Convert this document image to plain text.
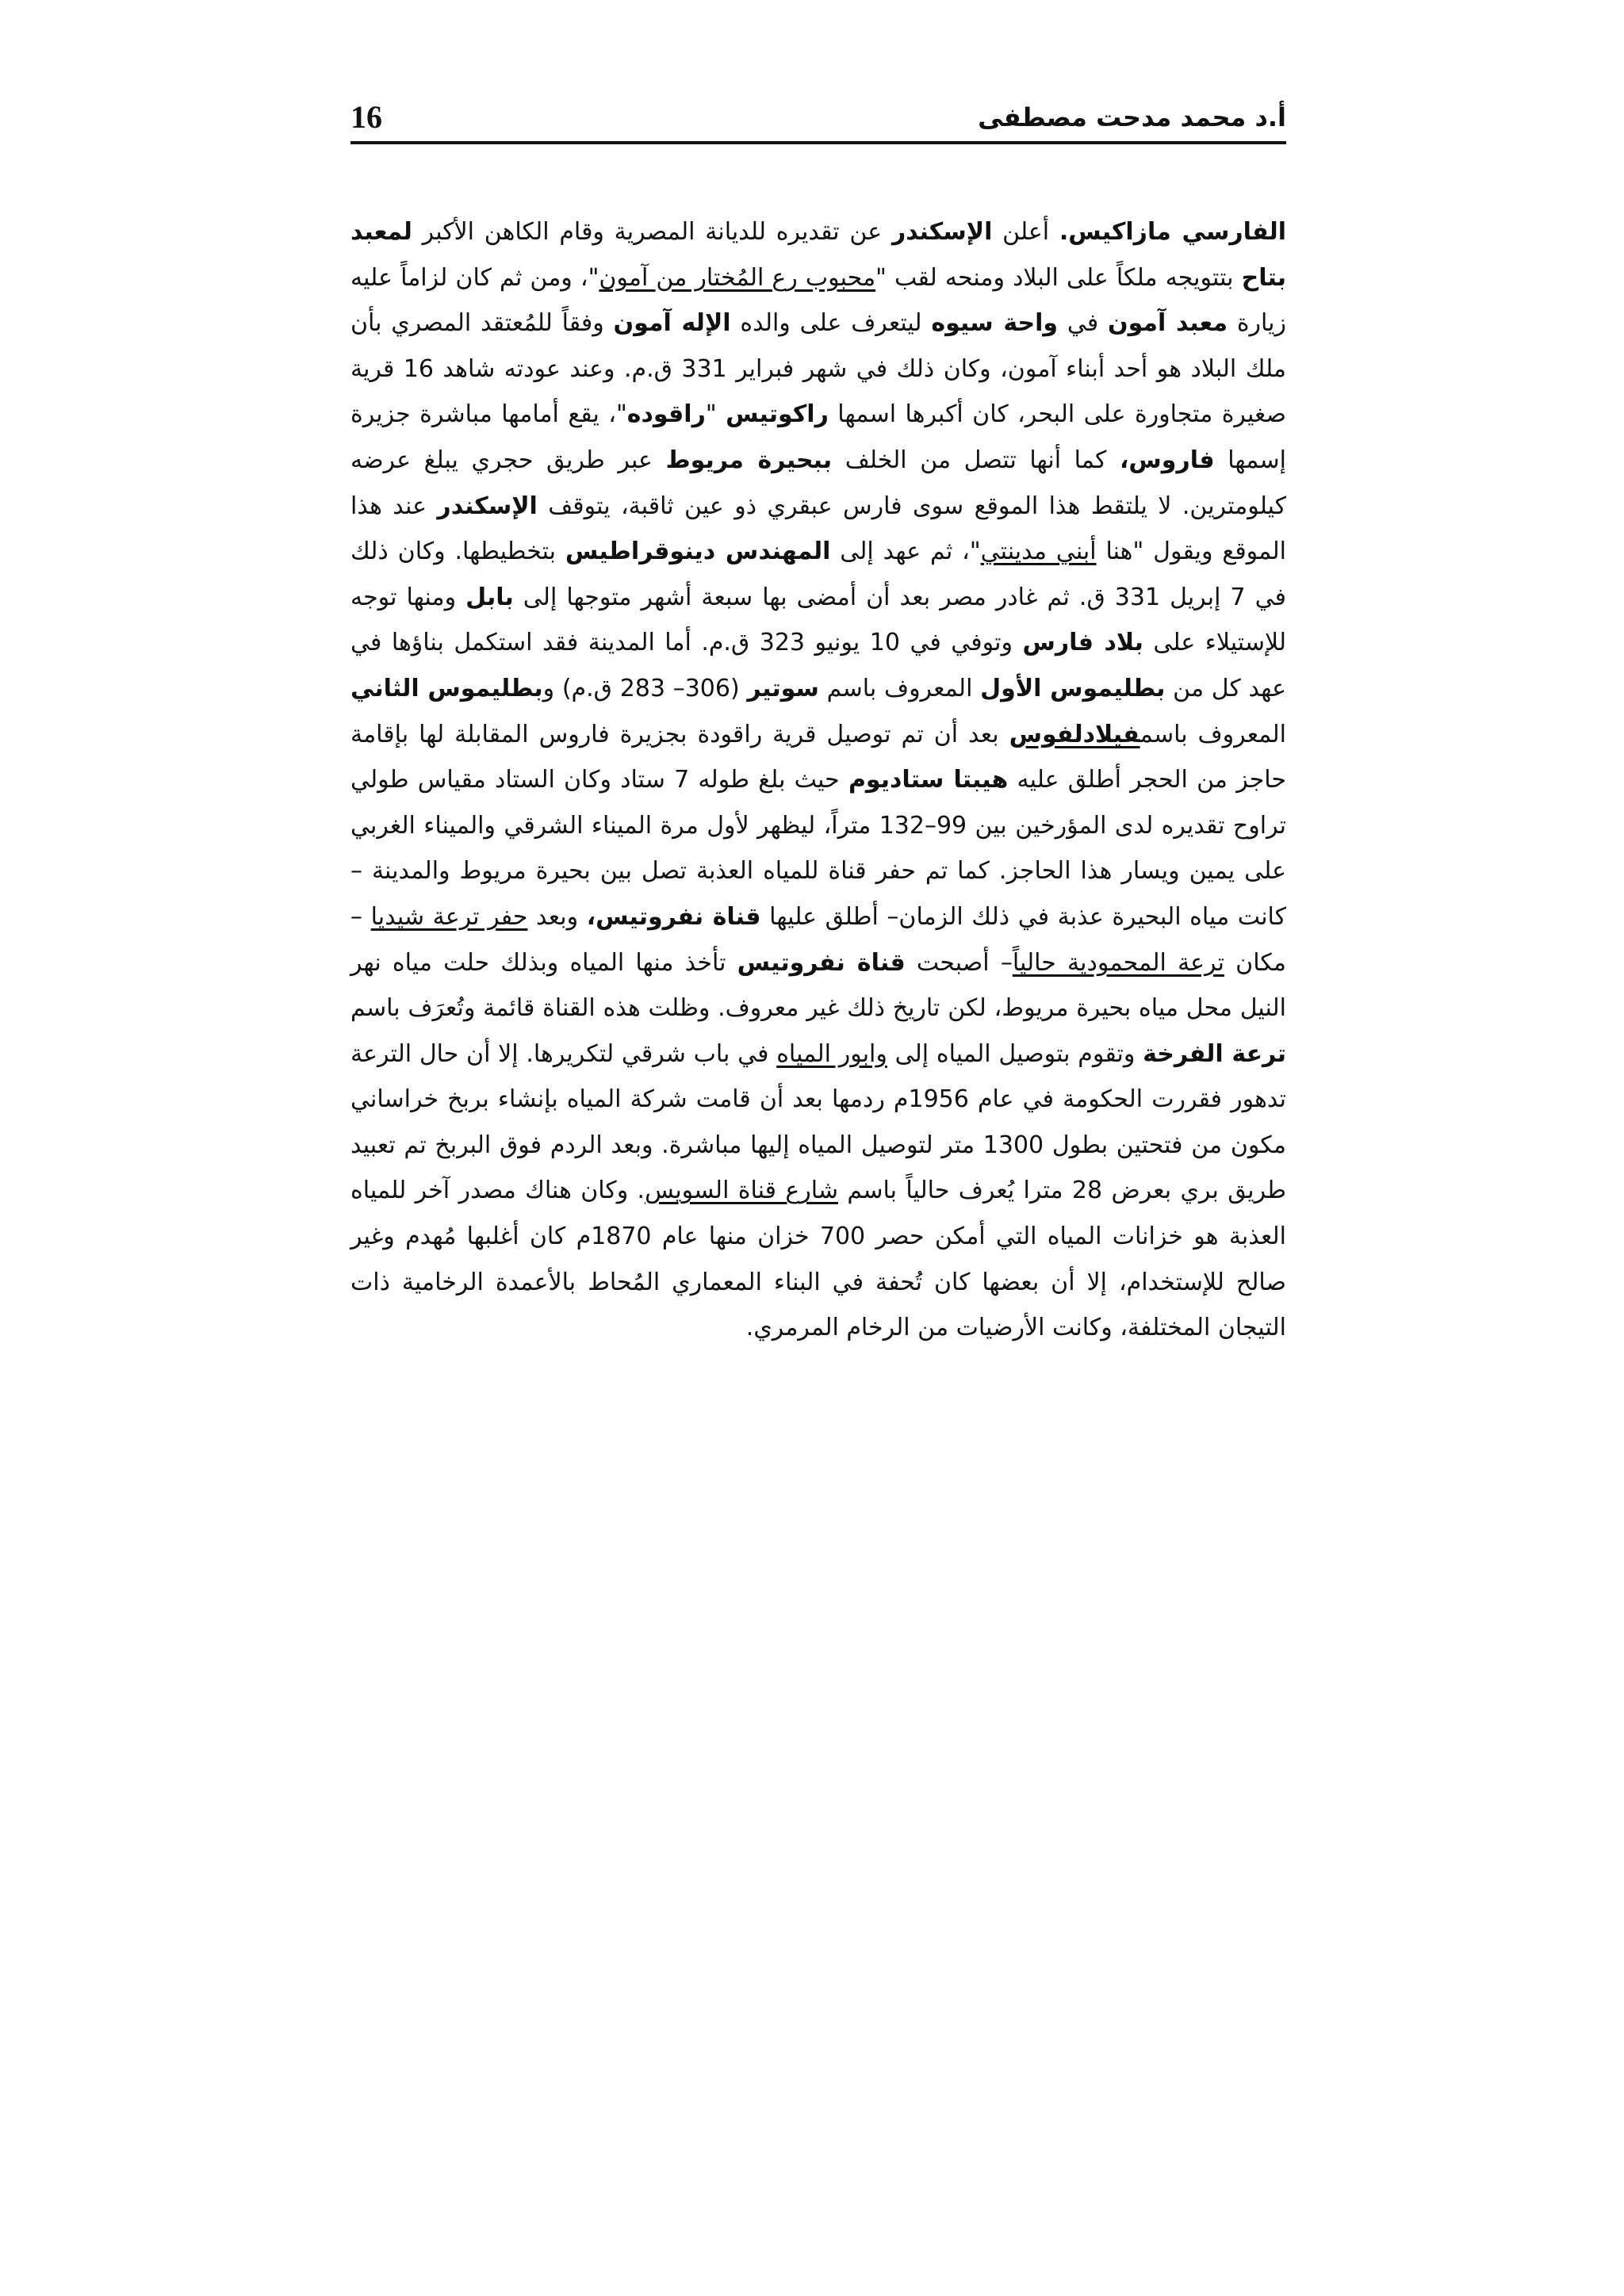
16	أ.د محمد مدحت مصطفى

الفارسي مازاكيس. أعلن الإسكندر عن تقديره للديانة المصرية وقام الكاهن الأكبر لمعبد بتاح بتتويجه ملكاً على البلاد ومنحه لقب "محبوب رع المُختار من آمون"، ومن ثم كان لزاماً عليه زيارة معبد آمون في واحة سيوه ليتعرف على والده الإله آمون وفقاً للمُعتقد المصري بأن ملك البلاد هو أحد أبناء آمون، وكان ذلك في شهر فبراير 331 ق.م. وعند عودته شاهد 16 قرية صغيرة متجاورة على البحر، كان أكبرها اسمها راكوتيس "راقوده"، يقع أمامها مباشرة جزيرة إسمها فاروس، كما أنها تتصل من الخلف ببحيرة مريوط عبر طريق حجري يبلغ عرضه كيلومترين. لا يلتقط هذا الموقع سوى فارس عبقري ذو عين ثاقبة، يتوقف الإسكندر عند هذا الموقع ويقول "هنا أبني مدينتي"، ثم عهد إلى المهندس دينوقراطيس بتخطيطها. وكان ذلك في 7 إبريل 331 ق. ثم غادر مصر بعد أن أمضى بها سبعة أشهر متوجها إلى بابل ومنها توجه للإستيلاء على بلاد فارس وتوفي في 10 يونيو 323 ق.م. أما المدينة فقد استكمل بناؤها في عهد كل من بطليموس الأول المعروف باسم سوتير (306– 283 ق.م) وبطليموس الثاني المعروف باسمفيلادلفوس بعد أن تم توصيل قرية راقودة بجزيرة فاروس المقابلة لها بإقامة حاجز من الحجر أطلق عليه هيبتا ستاديوم حيث بلغ طوله 7 ستاد وكان الستاد مقياس طولي تراوح تقديره لدى المؤرخين بين 99–132 متراً، ليظهر لأول مرة الميناء الشرقي والميناء الغربي على يمين ويسار هذا الحاجز. كما تم حفر قناة للمياه العذبة تصل بين بحيرة مريوط والمدينة –كانت مياه البحيرة عذبة في ذلك الزمان– أطلق عليها قناة نفروتيس، وبعد حفر ترعة شيديا –مكان ترعة المحمودية حالياً– أصبحت قناة نفروتيس تأخذ منها المياه وبذلك حلت مياه نهر النيل محل مياه بحيرة مريوط، لكن تاريخ ذلك غير معروف. وظلت هذه القناة قائمة وتُعرَف باسم ترعة الفرخة وتقوم بتوصيل المياه إلى وابور المياه في باب شرقي لتكريرها. إلا أن حال الترعة تدهور فقررت الحكومة في عام 1956م ردمها بعد أن قامت شركة المياه بإنشاء بربخ خراساني مكون من فتحتين بطول 1300 متر لتوصيل المياه إليها مباشرة. وبعد الردم فوق البربخ تم تعبيد طريق بري بعرض 28 مترا يُعرف حالياً باسم شارع قناة السويس. وكان هناك مصدر آخر للمياه العذبة هو خزانات المياه التي أمكن حصر 700 خزان منها عام 1870م كان أغلبها مُهدم وغير صالح للإستخدام، إلا أن بعضها كان تُحفة في البناء المعماري المُحاط بالأعمدة الرخامية ذات التيجان المختلفة، وكانت الأرضيات من الرخام المرمري.
